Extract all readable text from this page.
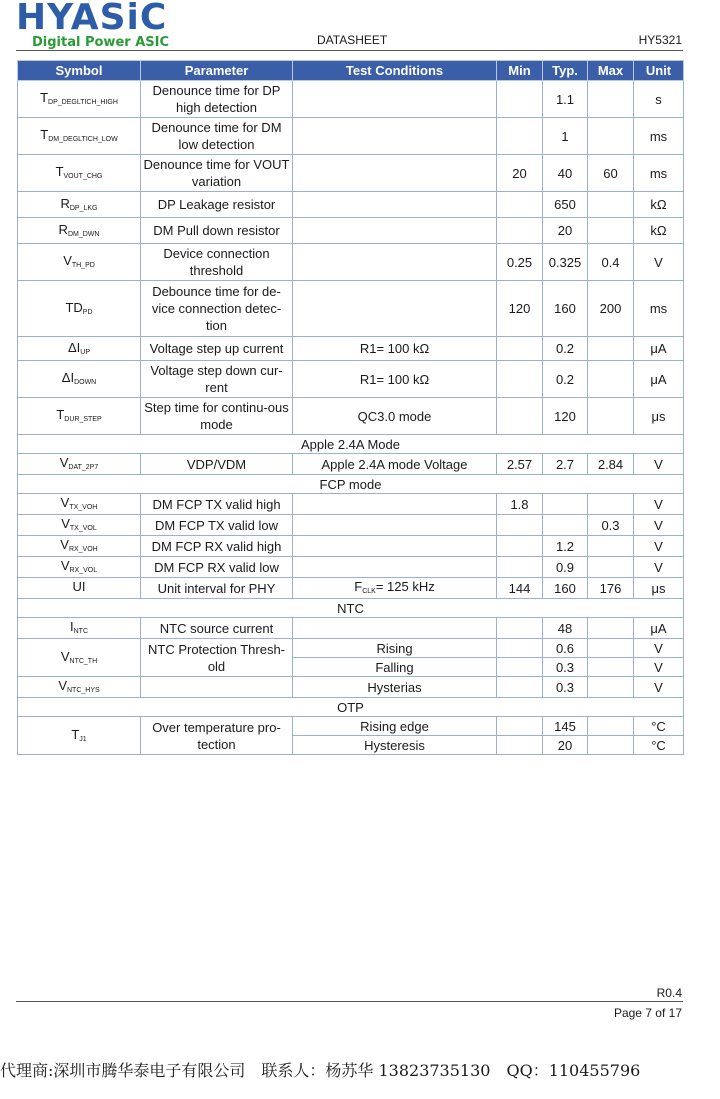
HYASiC
Digital Power ASIC	DATASHEET	HY5321
Symbol	Parameter	Test Conditions	Min	Typ.	Max	Unit
$T_{DP\_DEGLTICH\_HIGH}$	Denounce time for DP high detection			1.1		s
$T_{DM\_DEGLTICH\_LOW}$	Denounce time for DM low detection			1		ms
$T_{VOUT\_CHG}$	Denounce time for VOUT variation		20	40	60	ms
$R_{DP\_LKG}$	DP Leakage resistor			650		kΩ
$R_{DM\_DWN}$	DM Pull down resistor			20		kΩ
$V_{TH\_PD}$	Device connection threshold		0.25	0.325	0.4	V
$TD_{PD}$	Debounce time for de-vice connection detec-tion		120	160	200	ms
$\Delta I_{UP}$	Voltage step up current	R1= 100 kΩ		0.2		μA
$\Delta I_{DOWN}$	Voltage step down cur-rent	R1= 100 kΩ		0.2		μA
$T_{DUR\_STEP}$	Step time for continu-ous mode	QC3.0 mode		120		μs
Apple 2.4A Mode						
$V_{DAT\_2P7}$	VDP/VDM	Apple 2.4A mode Voltage	2.57	2.7	2.84	V
FCP mode						
$V_{TX\_VOH}$	DM FCP TX valid high		1.8			V
$V_{TX\_VOL}$	DM FCP TX valid low				0.3	V
$V_{RX\_VOH}$	DM FCP RX valid high			1.2		V
$V_{RX\_VOL}$	DM FCP RX valid low			0.9		V
UI	Unit interval for PHY	$F_{CLK}= 125$ kHz	144	160	176	μs
NTC						
$I_{NTC}$	NTC source current			48		μA
$V_{NTC\_TH}$	NTC Protection Thresh-old	Rising		0.6		V
		Falling		0.3		V
$V_{NTC\_HYS}$		Hysterias		0.3		V
OTP						
$T_{J1}$	Over temperature pro-tection	Rising edge		145		°C
		Hysteresis		20		°C
R0.4
Page 7 of 17
代理商:深圳市腾华泰电子有限公司　联系人：杨苏华 13823735130　QQ：110455796
